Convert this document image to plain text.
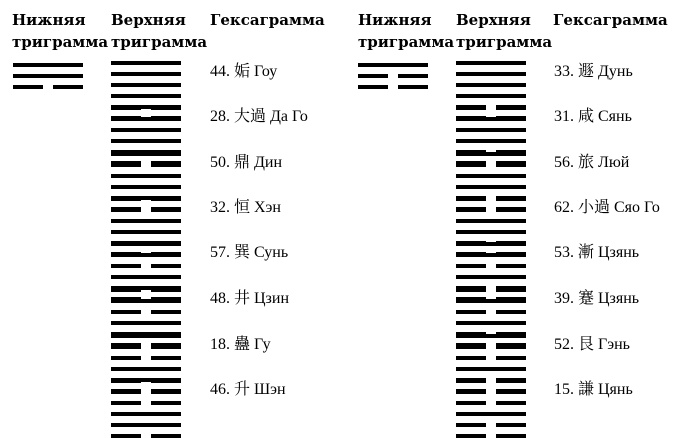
Нижняя
триграмма
Верхняя
триграмма
Гексаграмма Нижняя
триграмма
Верхняя
триграмма
Гексаграмма
44. 姤 Гоу
28. 大過 Да Го
50. 鼎 Дин
32. 恒 Хэн
57. 巽 Сунь
48. 井 Цзин
18. 蠱 Гу
46. 升 Шэн
33. 遯 Дунь
31. 咸 Сянь
56. 旅 Люй
62. 小過 Сяо Го
53. 漸 Цзянь
39. 蹇 Цзянь
52. 艮 Гэнь
15. 謙 Цянь
